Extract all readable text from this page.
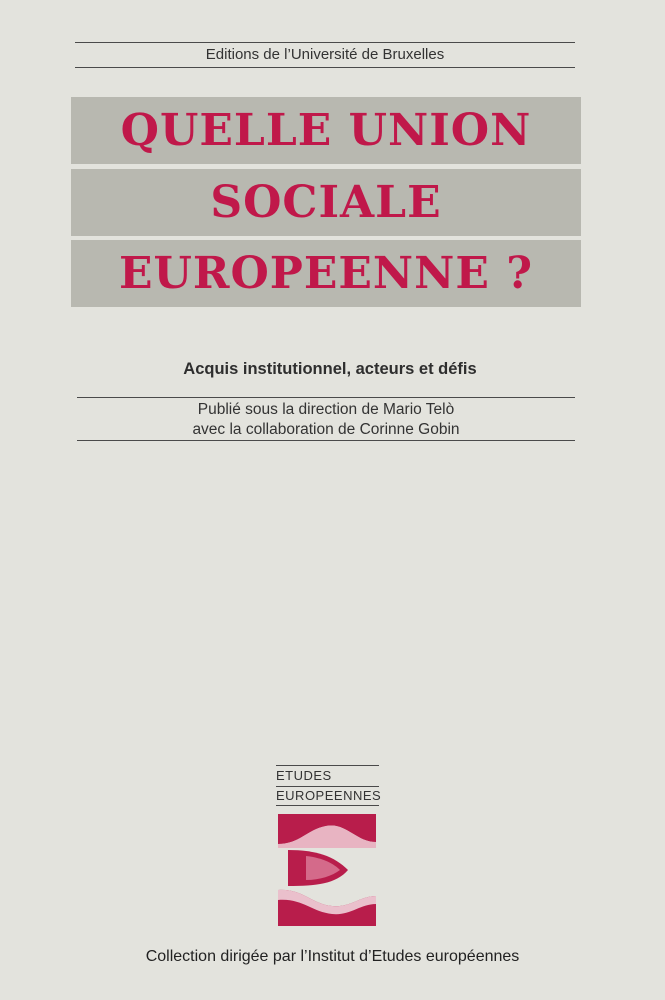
Editions de l’Université de Bruxelles
QUELLE UNION
SOCIALE
EUROPEENNE ?
Acquis institutionnel, acteurs et défis
Publié sous la direction de Mario Telò
avec la collaboration de Corinne Gobin
ETUDES
EUROPEENNES
Collection dirigée par l’Institut d’Etudes européennes
